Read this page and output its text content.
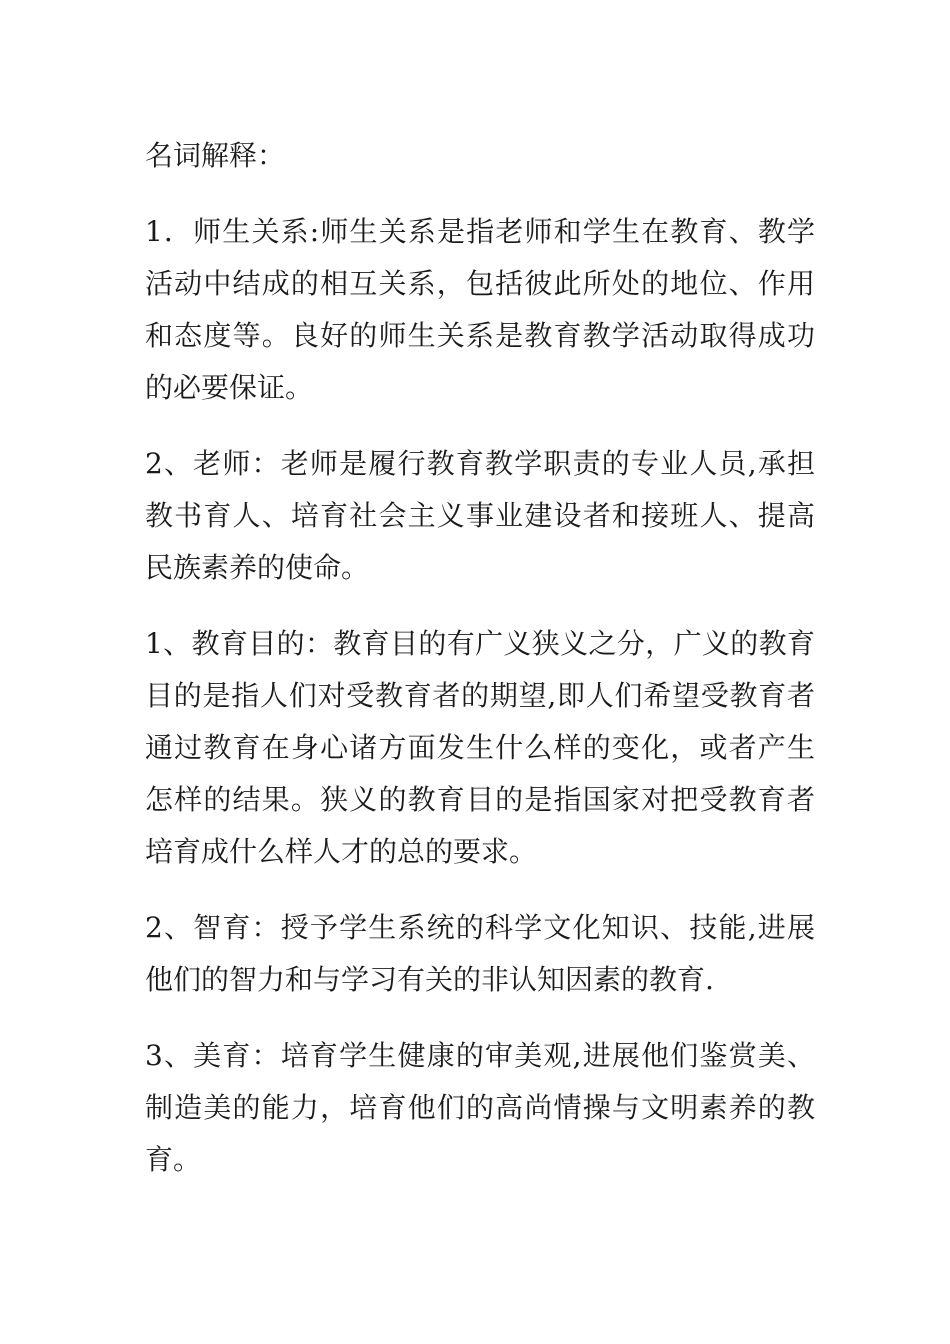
名词解释：
1．师生关系:师生关系是指老师和学生在教育、教学活动中结成的相互关系，包括彼此所处的地位、作用和态度等。良好的师生关系是教育教学活动取得成功的必要保证。
2、老师：老师是履行教育教学职责的专业人员,承担教书育人、培育社会主义事业建设者和接班人、提高民族素养的使命。
1、教育目的：教育目的有广义狭义之分，广义的教育目的是指人们对受教育者的期望,即人们希望受教育者通过教育在身心诸方面发生什么样的变化，或者产生怎样的结果。狭义的教育目的是指国家对把受教育者培育成什么样人才的总的要求。
2、智育：授予学生系统的科学文化知识、技能,进展他们的智力和与学习有关的非认知因素的教育.
3、美育：培育学生健康的审美观,进展他们鉴赏美、制造美的能力，培育他们的高尚情操与文明素养的教育。
